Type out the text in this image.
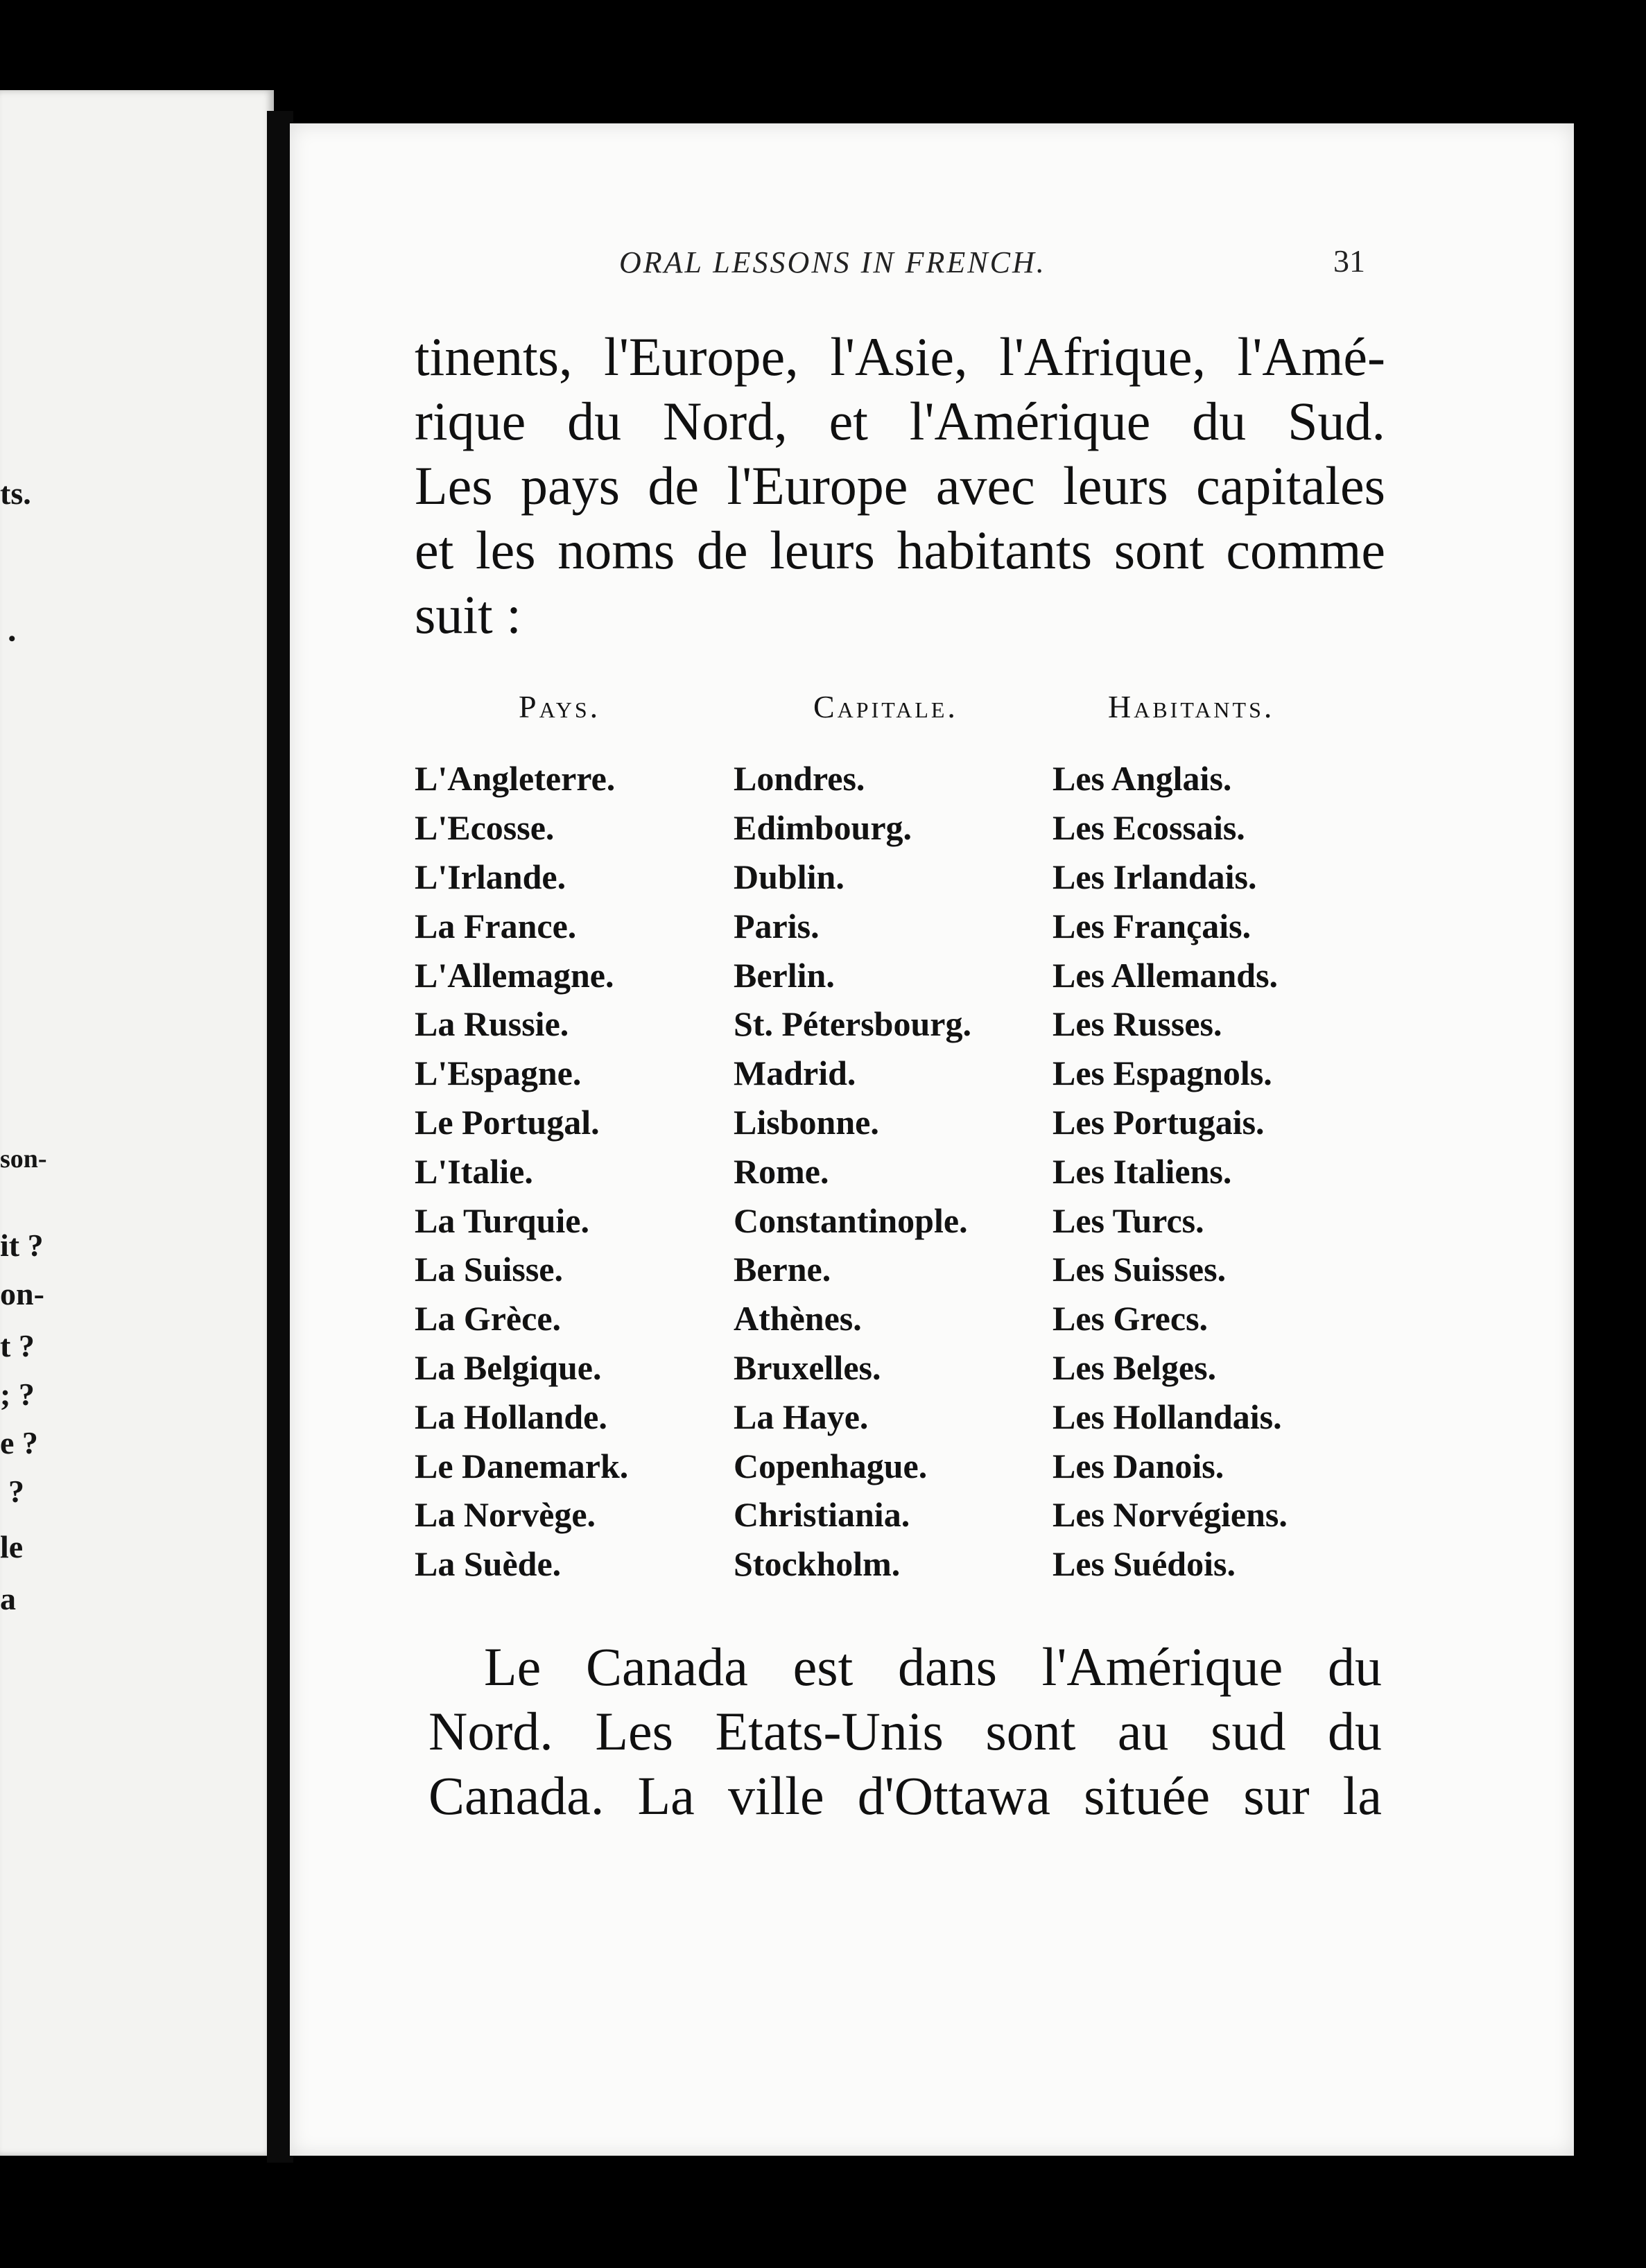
ts.
•
son-
it ?
on-
t ?
; ?
e ?
?
le
a
ORAL LESSONS IN FRENCH.	31
tinents, l'Europe, l'Asie, l'Afrique, l'Amé-
rique du Nord, et l'Amérique du Sud.
Les pays de l'Europe avec leurs capitales
et les noms de leurs habitants sont comme
suit :
Pays.	Capitale.	Habitants.
L'Angleterre.	Londres.	Les Anglais.
L'Ecosse.	Edimbourg.	Les Ecossais.
L'Irlande.	Dublin.	Les Irlandais.
La France.	Paris.	Les Français.
L'Allemagne.	Berlin.	Les Allemands.
La Russie.	St. Pétersbourg.	Les Russes.
L'Espagne.	Madrid.	Les Espagnols.
Le Portugal.	Lisbonne.	Les Portugais.
L'Italie.	Rome.	Les Italiens.
La Turquie.	Constantinople.	Les Turcs.
La Suisse.	Berne.	Les Suisses.
La Grèce.	Athènes.	Les Grecs.
La Belgique.	Bruxelles.	Les Belges.
La Hollande.	La Haye.	Les Hollandais.
Le Danemark.	Copenhague.	Les Danois.
La Norvège.	Christiania.	Les Norvégiens.
La Suède.	Stockholm.	Les Suédois.
Le Canada est dans l'Amérique du
Nord. Les Etats-Unis sont au sud du
Canada. La ville d'Ottawa située sur la
